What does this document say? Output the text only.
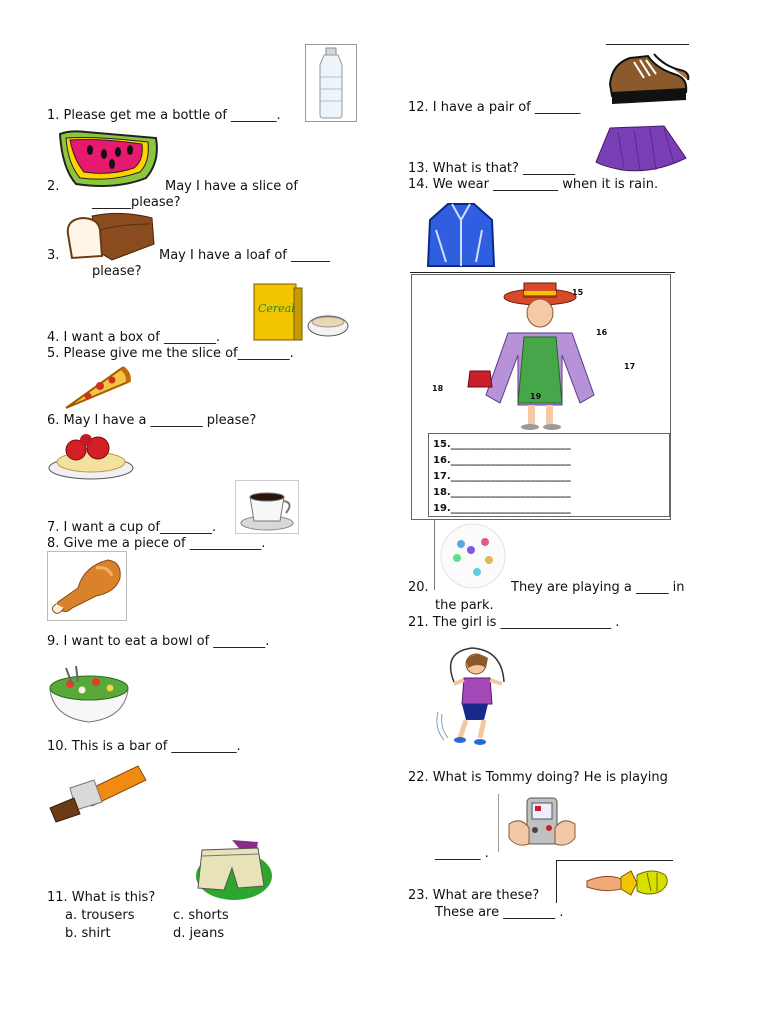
1. Please get me a bottle of _______.
2.	May I have a slice of
______please?
3.	May I have a loaf of ______
please?
Cereal
4. I want a box of ________.
5. Please give me the slice of________.
6. May I have a ________ please?
7. I want a cup of________.
8. Give me a piece of ___________.
9. I want to eat a bowl of ________.
10. This is a bar of __________.
11. What is this?
a. trousers	c. shorts
b. shirt	d. jeans
12. I have a pair of _______
13. What is that? ________
14. We wear __________ when it is rain.
15
16
17
18
19
15.________________________
16.________________________
17.________________________
18.________________________
19.________________________
20.	They are playing a _____ in
the park.
21. The girl is _________________ .
22. What is Tommy doing? He is playing
_______ .
23. What are these?
These are ________ .
